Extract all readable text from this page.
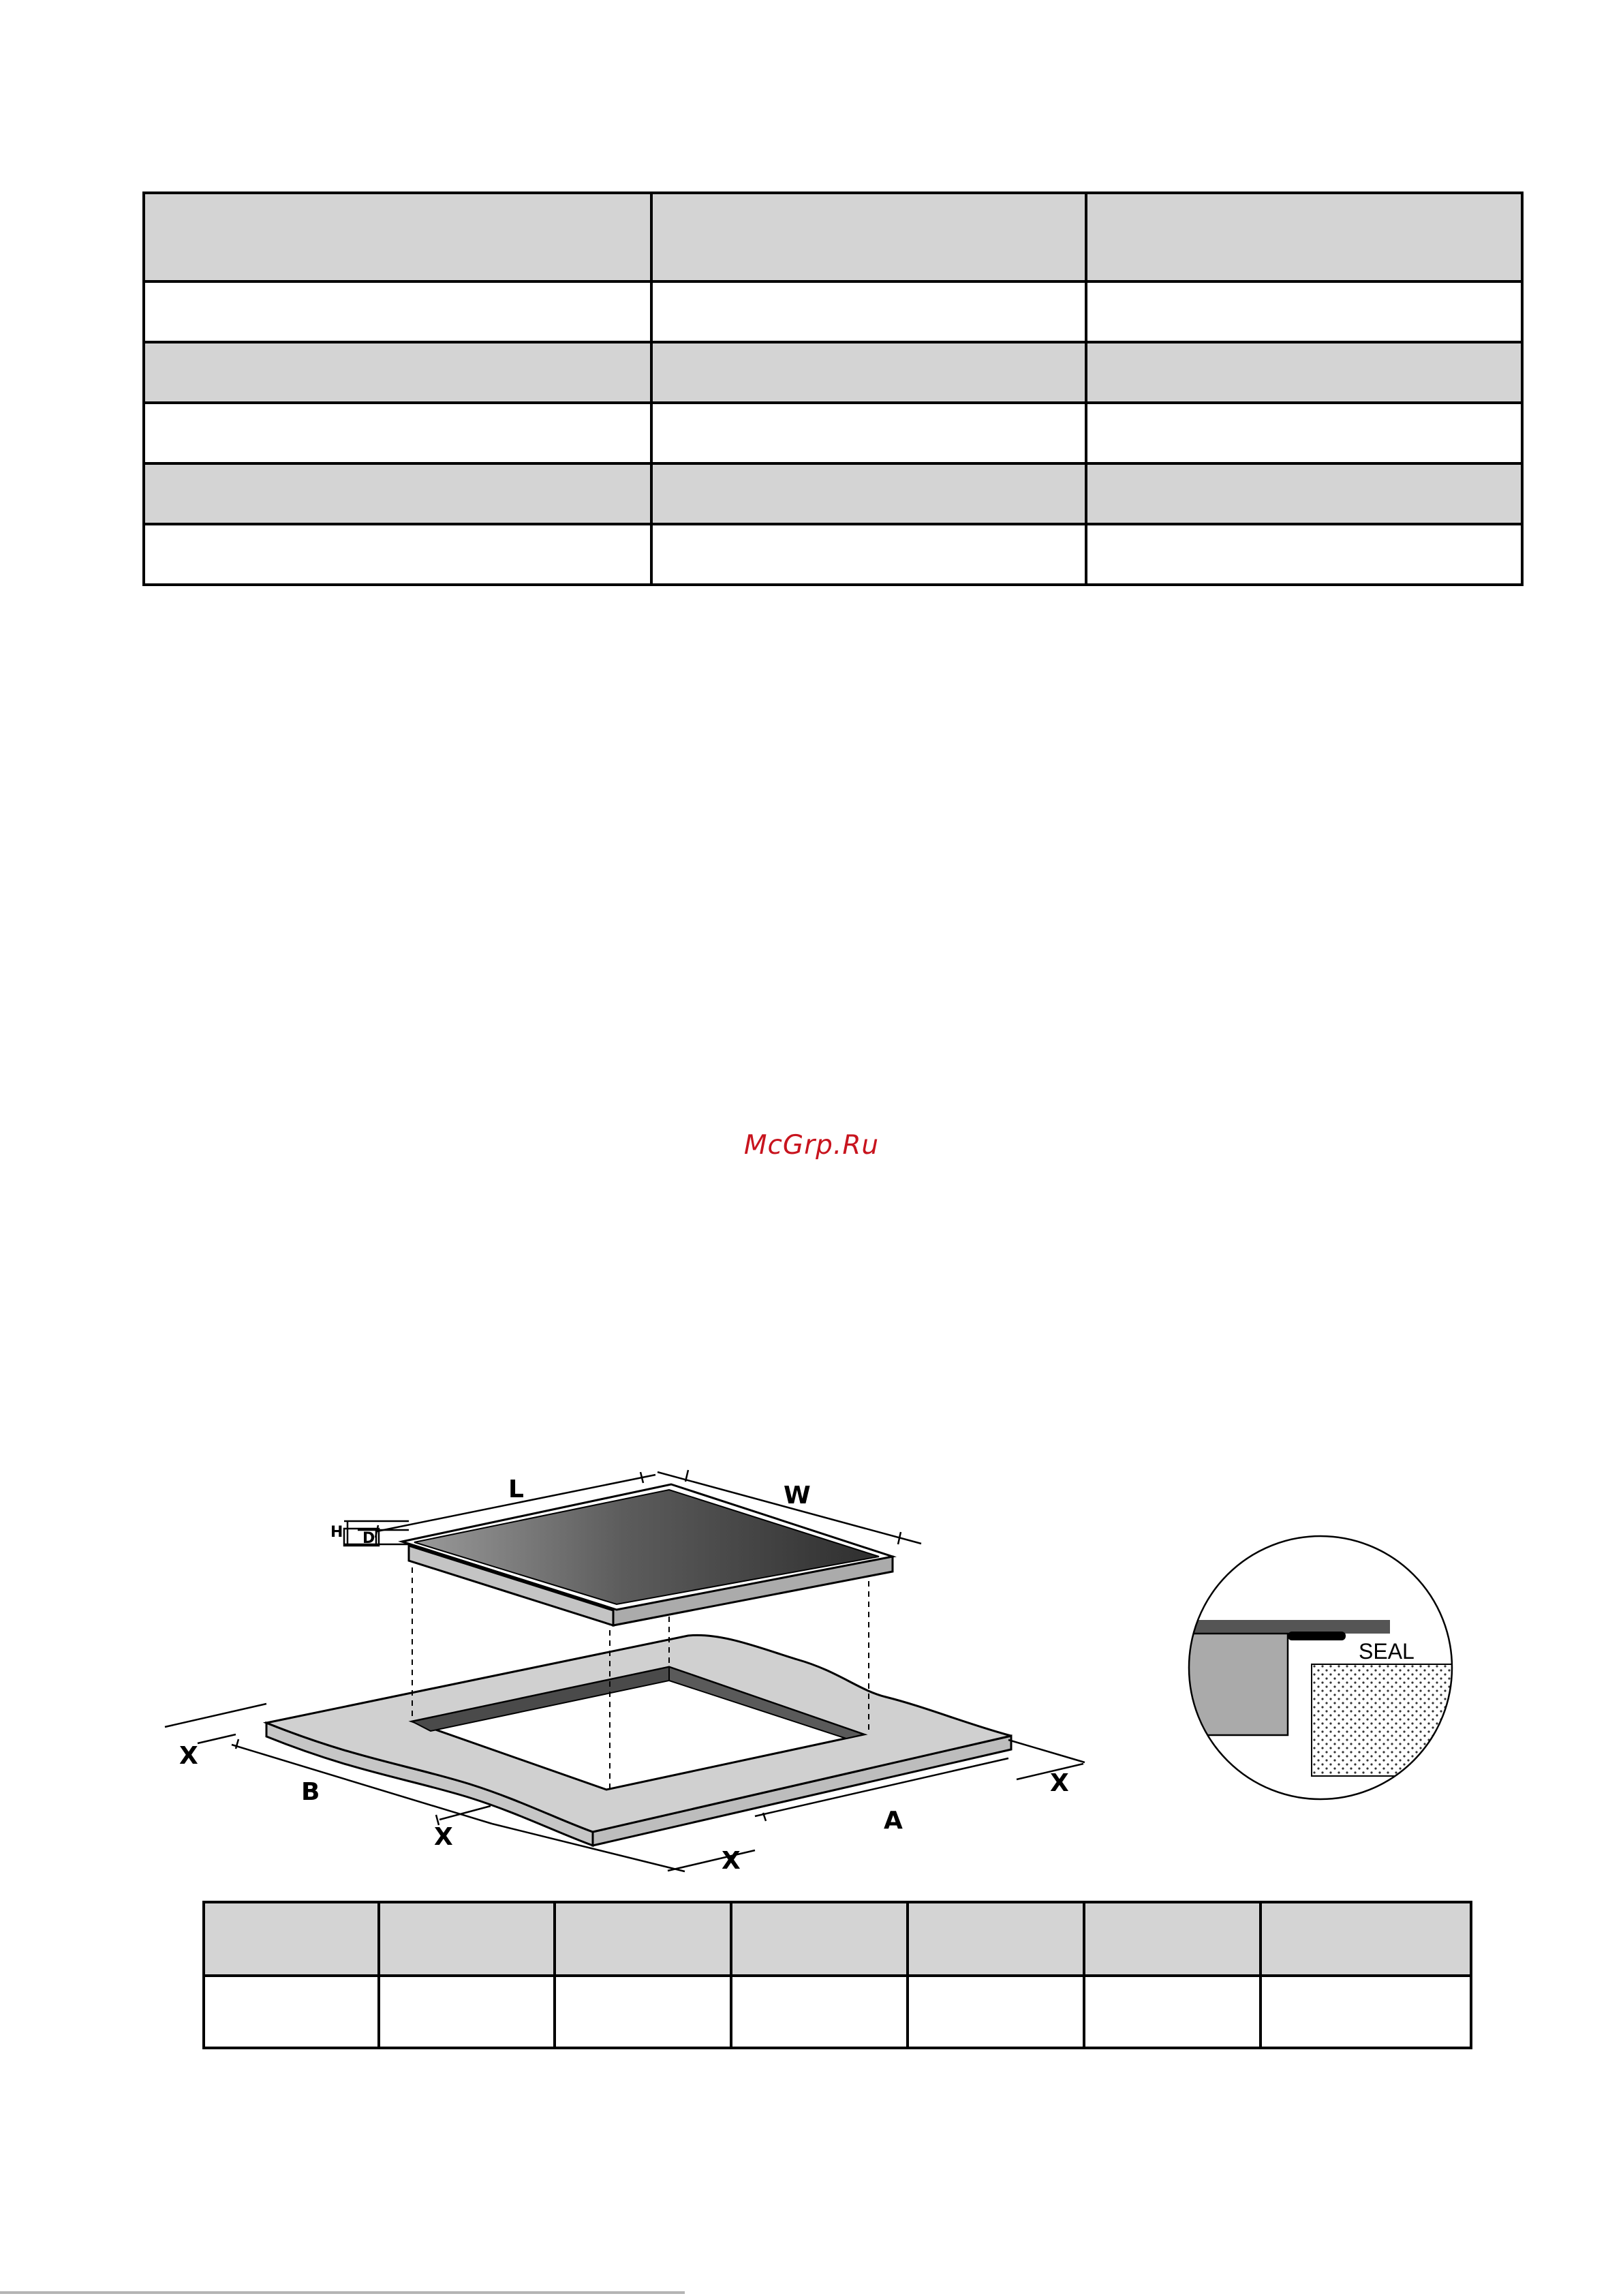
McGrp.Ru
L	W
H D
X
B
X
X
A
X
SEAL
